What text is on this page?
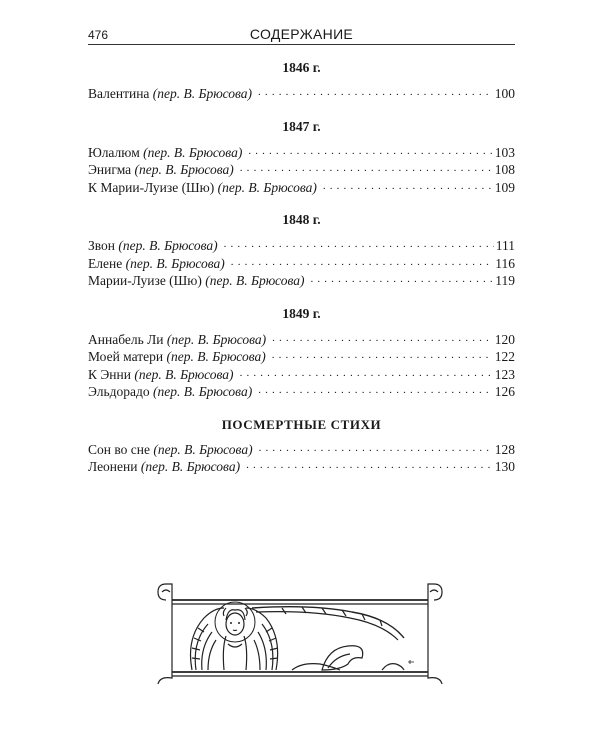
476	СОДЕРЖАНИЕ
1846 г.
Валентина (пер. В. Брюсова) . . .	100
1847 г.
Юлалюм (пер. В. Брюсова) . . .	103
Энигма (пер. В. Брюсова) . . .	108
К Марии-Луизе (Шю) (пер. В. Брюсова) . . .	109
1848 г.
Звон (пер. В. Брюсова) . . .	111
Елене (пер. В. Брюсова) . . .	116
Марии-Луизе (Шю) (пер. В. Брюсова) . . .	119
1849 г.
Аннабель Ли (пер. В. Брюсова) . . .	120
Моей матери (пер. В. Брюсова) . . .	122
К Энни (пер. В. Брюсова) . . .	123
Эльдорадо (пер. В. Брюсова) . . .	126
ПОСМЕРТНЫЕ СТИХИ
Сон во сне (пер. В. Брюсова) . . .	128
Леонени (пер. В. Брюсова) . . .	130
